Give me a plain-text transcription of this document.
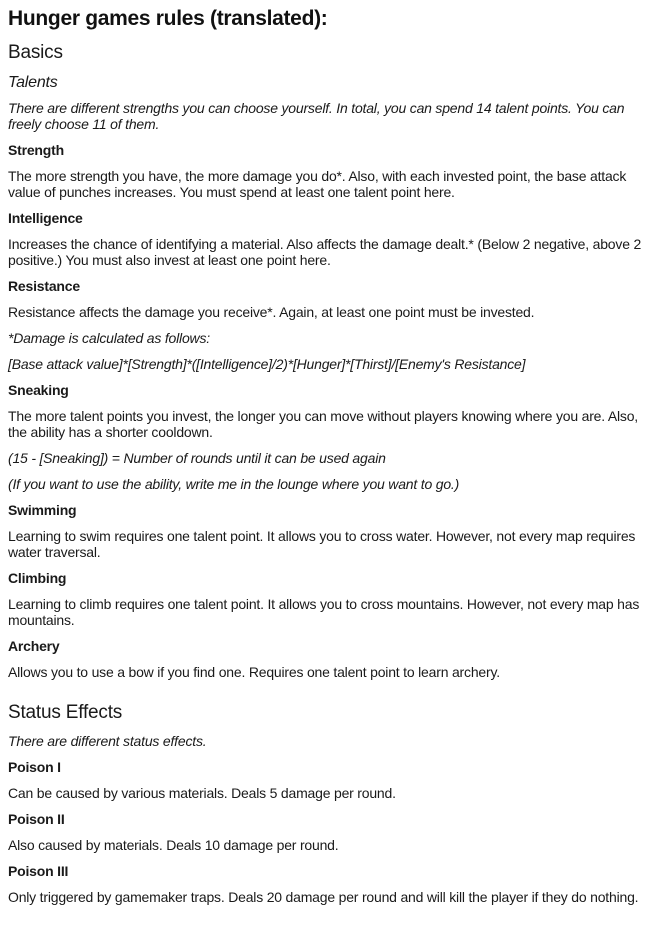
Hunger games rules (translated):
Basics
Talents

There are different strengths you can choose yourself. In total, you can spend 14 talent points. You can freely choose 11 of them.

Strength

The more strength you have, the more damage you do*. Also, with each invested point, the base attack value of punches increases. You must spend at least one talent point here.

Intelligence

Increases the chance of identifying a material. Also affects the damage dealt.* (Below 2 negative, above 2 positive.) You must also invest at least one point here.

Resistance

Resistance affects the damage you receive*. Again, at least one point must be invested.

*Damage is calculated as follows:

[Base attack value]*[Strength]*([Intelligence]/2)*[Hunger]*[Thirst]/[Enemy's Resistance]

Sneaking

The more talent points you invest, the longer you can move without players knowing where you are. Also, the ability has a shorter cooldown.

(15 - [Sneaking]) = Number of rounds until it can be used again

(If you want to use the ability, write me in the lounge where you want to go.)

Swimming

Learning to swim requires one talent point. It allows you to cross water. However, not every map requires water traversal.

Climbing

Learning to climb requires one talent point. It allows you to cross mountains. However, not every map has mountains.

Archery

Allows you to use a bow if you find one. Requires one talent point to learn archery.

Status Effects

There are different status effects.

Poison I

Can be caused by various materials. Deals 5 damage per round.

Poison II

Also caused by materials. Deals 10 damage per round.

Poison III

Only triggered by gamemaker traps. Deals 20 damage per round and will kill the player if they do nothing.
